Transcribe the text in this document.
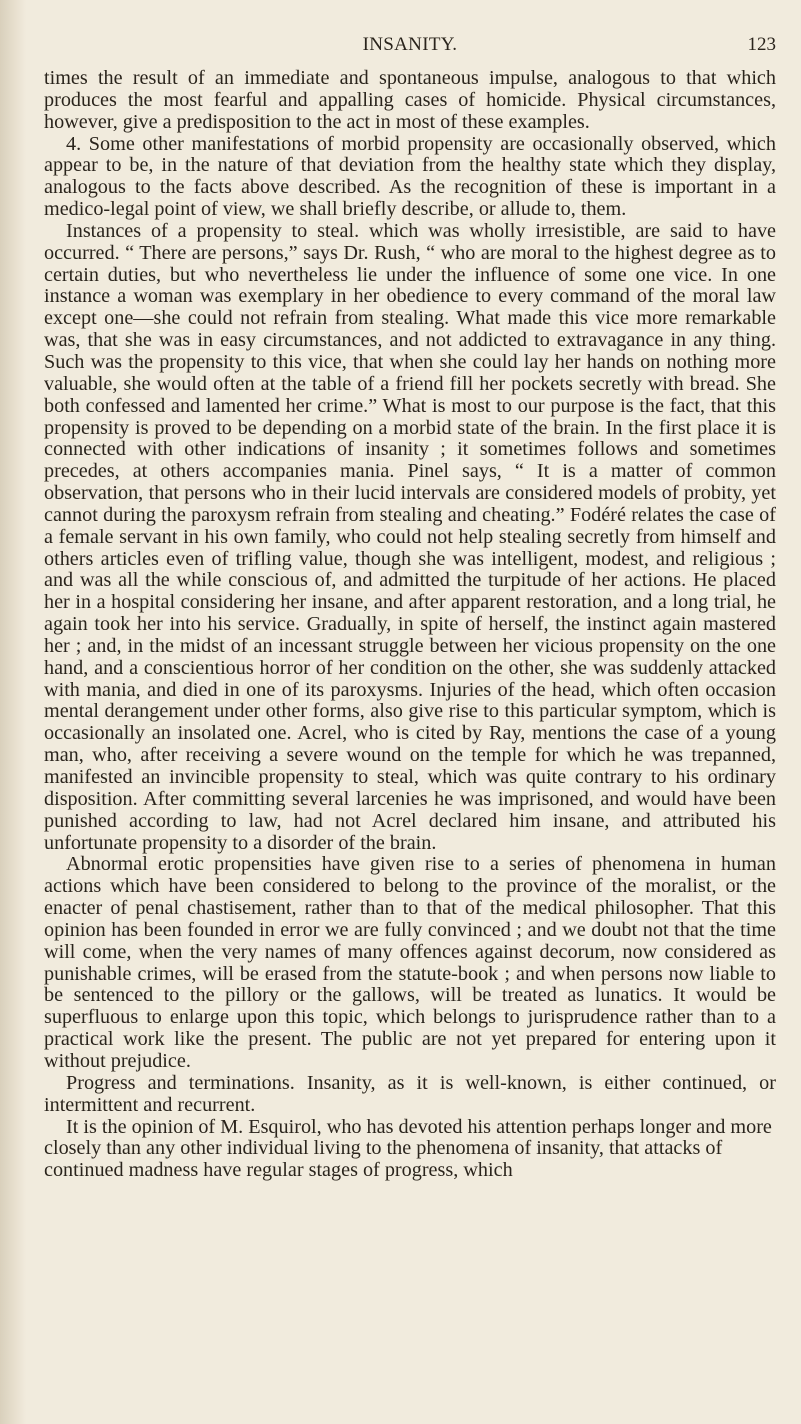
INSANITY.	123

times the result of an immediate and spontaneous impulse, analogous to that which produces the most fearful and appalling cases of homicide. Physical circumstances, however, give a predisposition to the act in most of these examples.

4. Some other manifestations of morbid propensity are occasionally observed, which appear to be, in the nature of that deviation from the healthy state which they display, analogous to the facts above described. As the recognition of these is important in a medico-legal point of view, we shall briefly describe, or allude to, them.

Instances of a propensity to steal. which was wholly irresistible, are said to have occurred. “ There are persons,” says Dr. Rush, “ who are moral to the highest degree as to certain duties, but who nevertheless lie under the influence of some one vice. In one instance a woman was exemplary in her obedience to every command of the moral law except one—she could not refrain from stealing. What made this vice more remarkable was, that she was in easy circumstances, and not addicted to extravagance in any thing. Such was the propensity to this vice, that when she could lay her hands on nothing more valuable, she would often at the table of a friend fill her pockets secretly with bread. She both confessed and lamented her crime.” What is most to our purpose is the fact, that this propensity is proved to be depending on a morbid state of the brain. In the first place it is connected with other indications of insanity ; it sometimes follows and sometimes precedes, at others accompanies mania. Pinel says, “ It is a matter of common observation, that persons who in their lucid intervals are considered models of probity, yet cannot during the paroxysm refrain from stealing and cheating.” Fodéré relates the case of a female servant in his own family, who could not help stealing secretly from himself and others articles even of trifling value, though she was intelligent, modest, and religious ; and was all the while conscious of, and admitted the turpitude of her actions. He placed her in a hospital considering her insane, and after apparent restoration, and a long trial, he again took her into his service. Gradually, in spite of herself, the instinct again mastered her ; and, in the midst of an incessant struggle between her vicious propensity on the one hand, and a conscientious horror of her condition on the other, she was suddenly attacked with mania, and died in one of its paroxysms. Injuries of the head, which often occasion mental derangement under other forms, also give rise to this particular symptom, which is occasionally an insolated one. Acrel, who is cited by Ray, mentions the case of a young man, who, after receiving a severe wound on the temple for which he was trepanned, manifested an invincible propensity to steal, which was quite contrary to his ordinary disposition. After committing several larcenies he was imprisoned, and would have been punished according to law, had not Acrel declared him insane, and attributed his unfortunate propensity to a disorder of the brain.

Abnormal erotic propensities have given rise to a series of phenomena in human actions which have been considered to belong to the province of the moralist, or the enacter of penal chastisement, rather than to that of the medical philosopher. That this opinion has been founded in error we are fully convinced ; and we doubt not that the time will come, when the very names of many offences against decorum, now considered as punishable crimes, will be erased from the statute-book ; and when persons now liable to be sentenced to the pillory or the gallows, will be treated as lunatics. It would be superfluous to enlarge upon this topic, which belongs to jurisprudence rather than to a practical work like the present. The public are not yet prepared for entering upon it without prejudice.

Progress and terminations. Insanity, as it is well-known, is either continued, or intermittent and recurrent.

It is the opinion of M. Esquirol, who has devoted his attention perhaps longer and more closely than any other individual living to the phenomena of insanity, that attacks of continued madness have regular stages of progress, which
